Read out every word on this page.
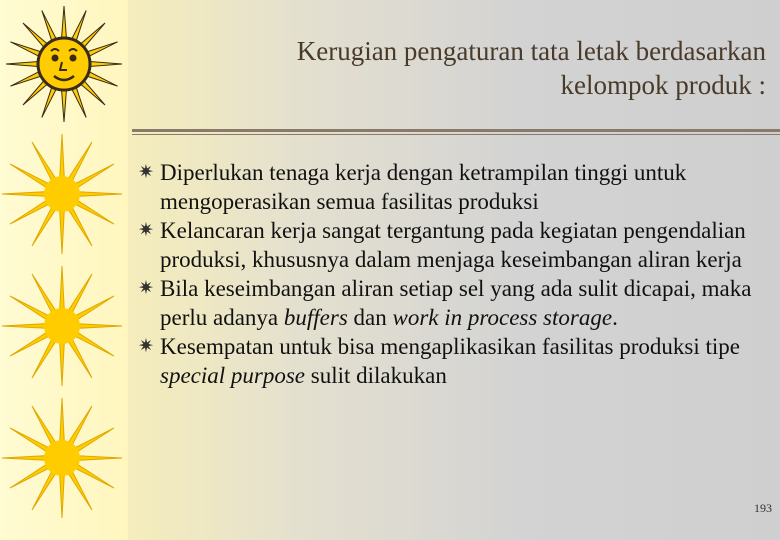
Kerugian pengaturan tata letak berdasarkan
kelompok produk :
✷ Diperlukan tenaga kerja dengan ketrampilan tinggi untuk mengoperasikan semua fasilitas produksi
✷ Kelancaran kerja sangat tergantung pada kegiatan pengendalian produksi, khususnya dalam menjaga keseimbangan aliran kerja
✷ Bila keseimbangan aliran setiap sel yang ada sulit dicapai, maka perlu adanya buffers dan work in process storage.
✷ Kesempatan untuk bisa mengaplikasikan fasilitas produksi tipe special purpose sulit dilakukan
193
